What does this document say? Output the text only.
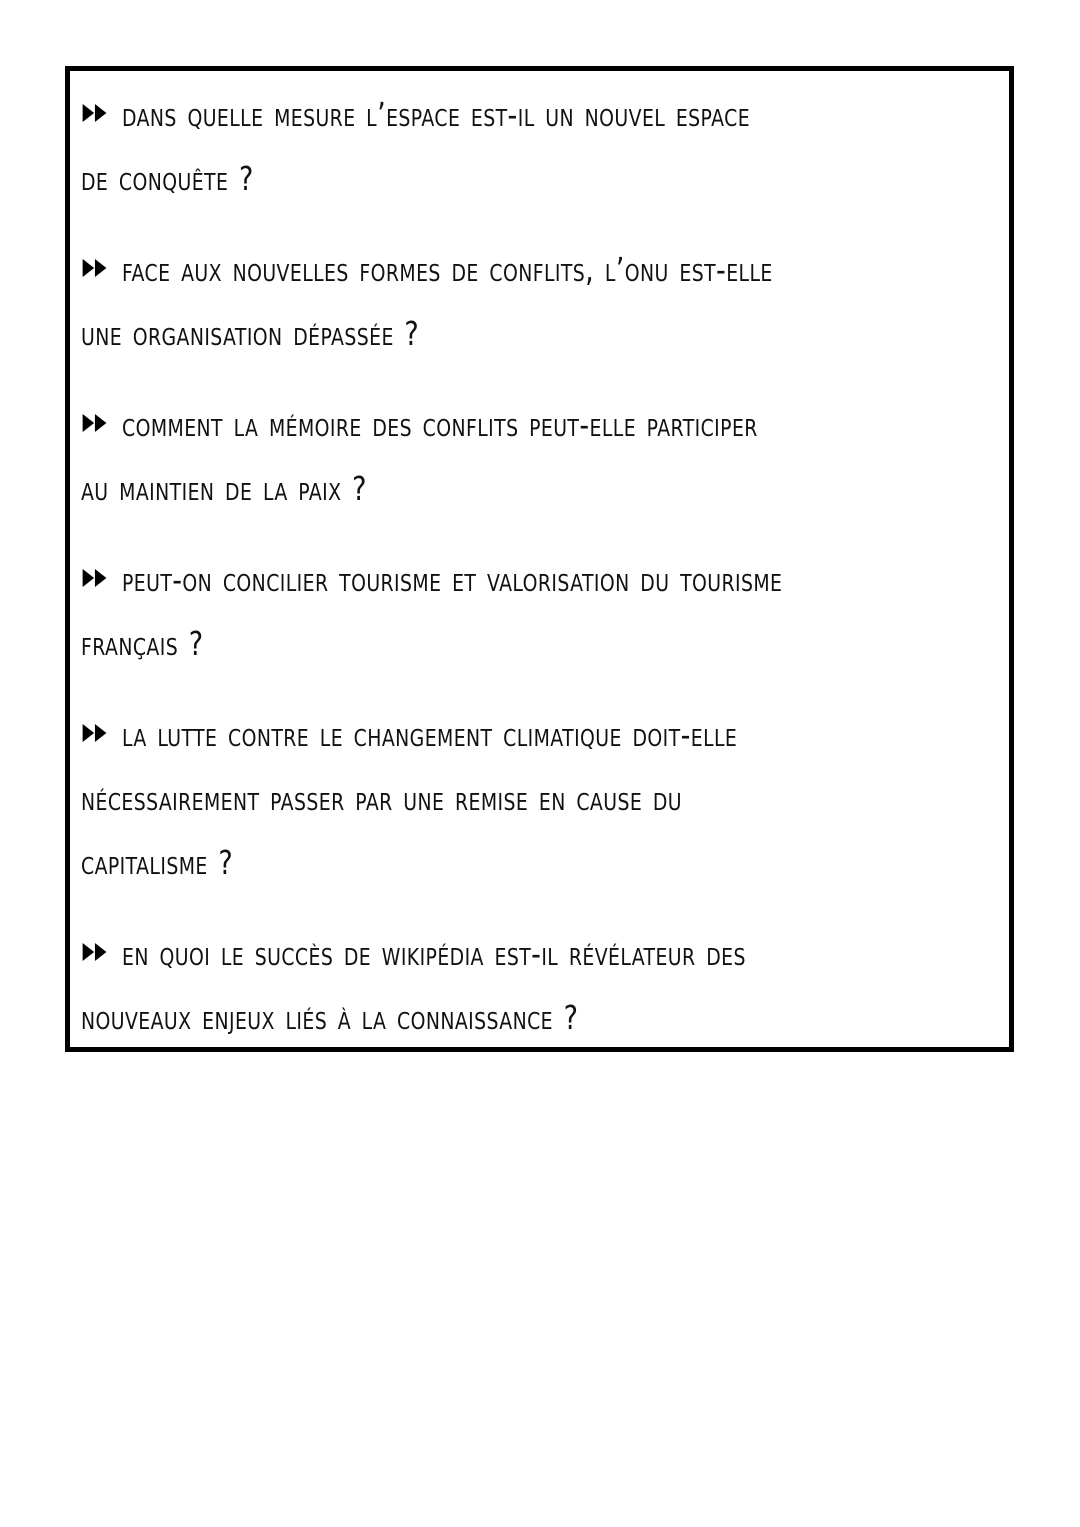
dans quelle mesure l’espace est-il un nouvel espace
de conquête ?
face aux nouvelles formes de conflits, l’onu est-elle
une organisation dépassée ?
comment la mémoire des conflits peut-elle participer
au maintien de la paix ?
peut-on concilier tourisme et valorisation du tourisme
français ?
la lutte contre le changement climatique doit-elle
nécessairement passer par une remise en cause du
capitalisme ?
en quoi le succès de wikipédia est-il révélateur des
nouveaux enjeux liés à la connaissance ?
